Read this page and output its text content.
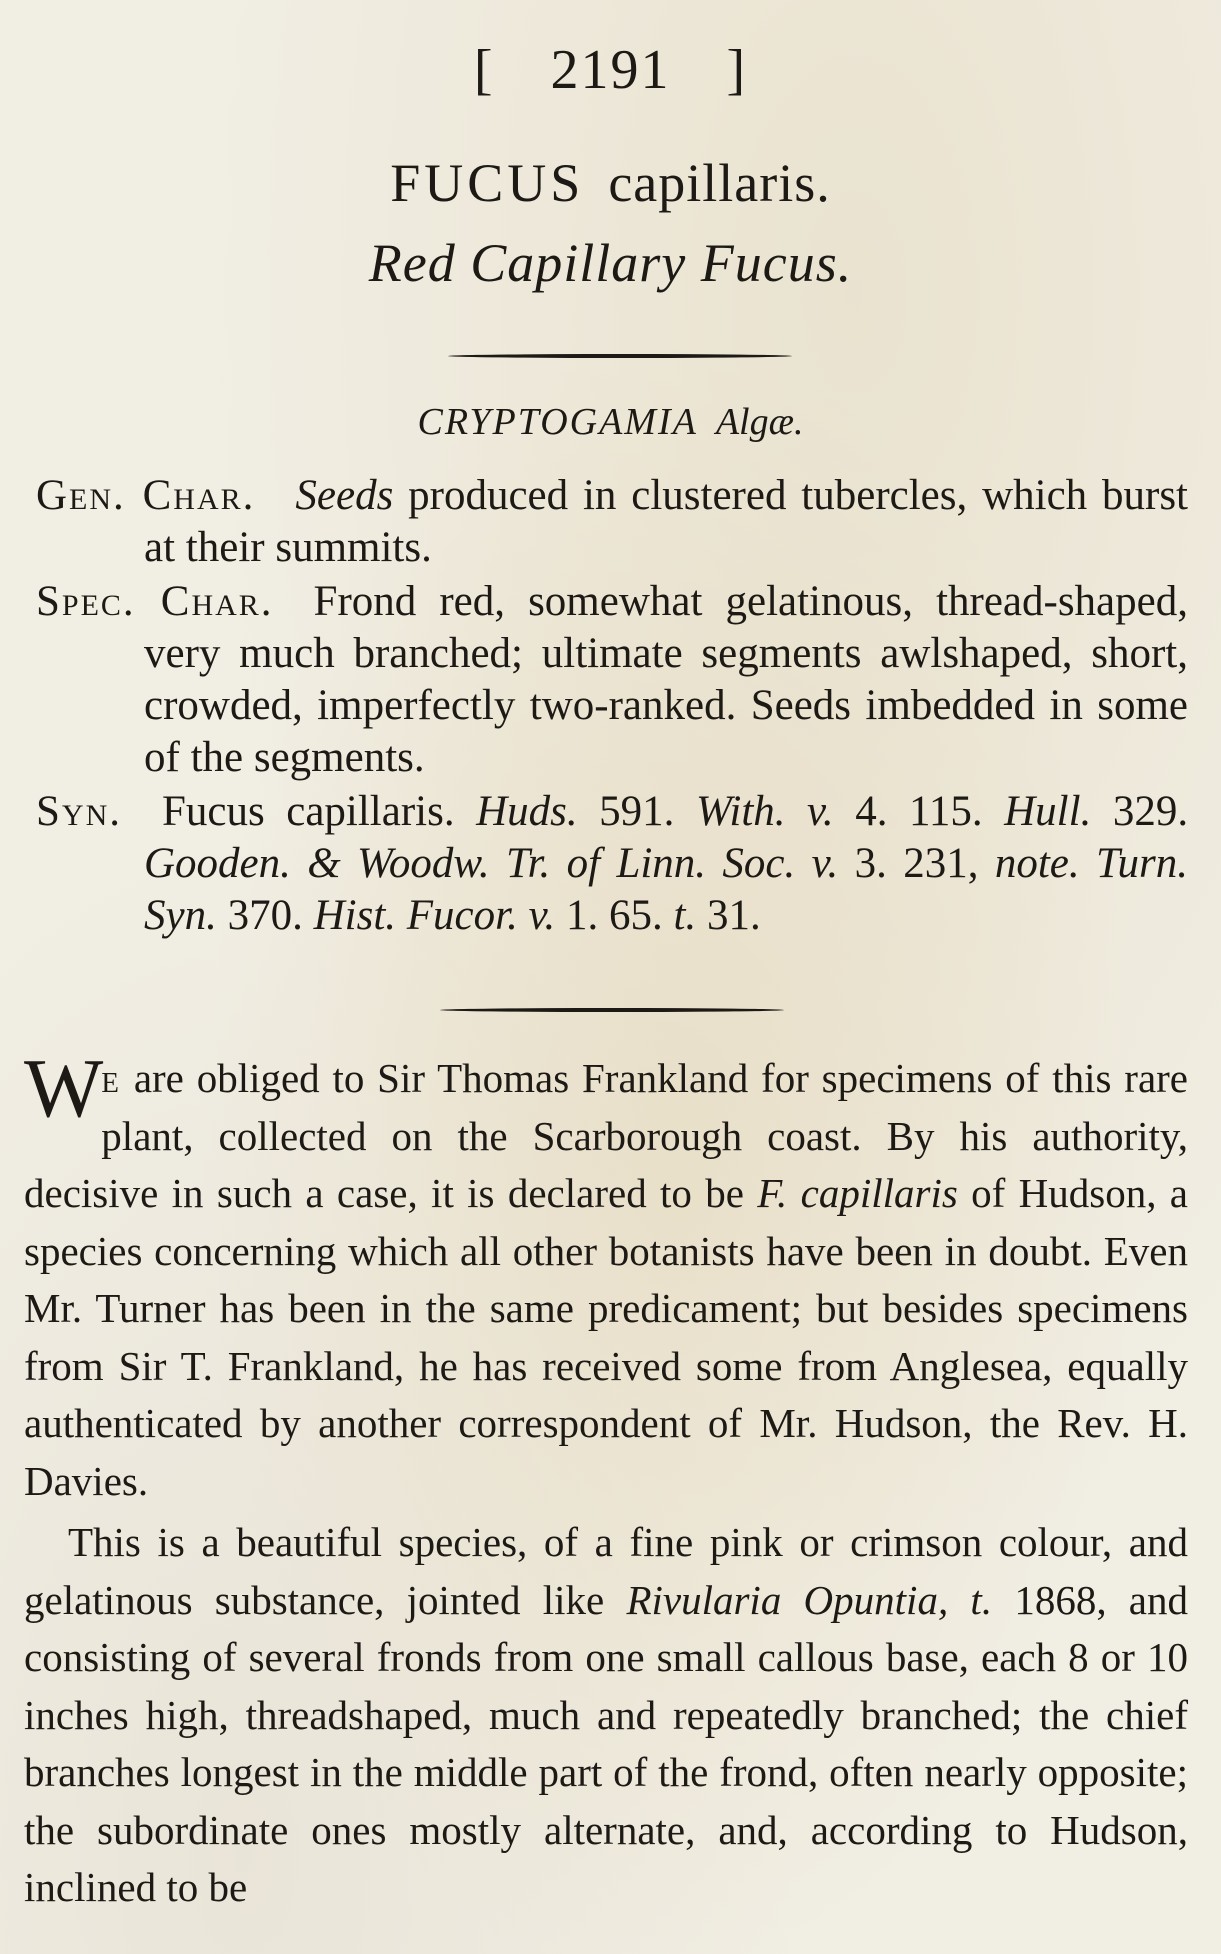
[ 2191 ]
FUCUS capillaris.
Red Capillary Fucus.
CRYPTOGAMIA Algæ.
Gen. Char. Seeds produced in clustered tubercles, which burst at their summits.
Spec. Char. Frond red, somewhat gelatinous, thread-shaped, very much branched; ultimate segments awlshaped, short, crowded, imperfectly two-ranked. Seeds imbedded in some of the segments.
Syn. Fucus capillaris. Huds. 591. With. v. 4. 115. Hull. 329. Gooden. & Woodw. Tr. of Linn. Soc. v. 3. 231, note. Turn. Syn. 370. Hist. Fucor. v. 1. 65. t. 31.

We are obliged to Sir Thomas Frankland for specimens of this rare plant, collected on the Scarborough coast. By his authority, decisive in such a case, it is declared to be F. capillaris of Hudson, a species concerning which all other botanists have been in doubt. Even Mr. Turner has been in the same predicament; but besides specimens from Sir T. Frankland, he has received some from Anglesea, equally authenticated by another correspondent of Mr. Hudson, the Rev. H. Davies.

This is a beautiful species, of a fine pink or crimson colour, and gelatinous substance, jointed like Rivularia Opuntia, t. 1868, and consisting of several fronds from one small callous base, each 8 or 10 inches high, threadshaped, much and repeatedly branched; the chief branches longest in the middle part of the frond, often nearly opposite; the subordinate ones mostly alternate, and, according to Hudson, inclined to be
